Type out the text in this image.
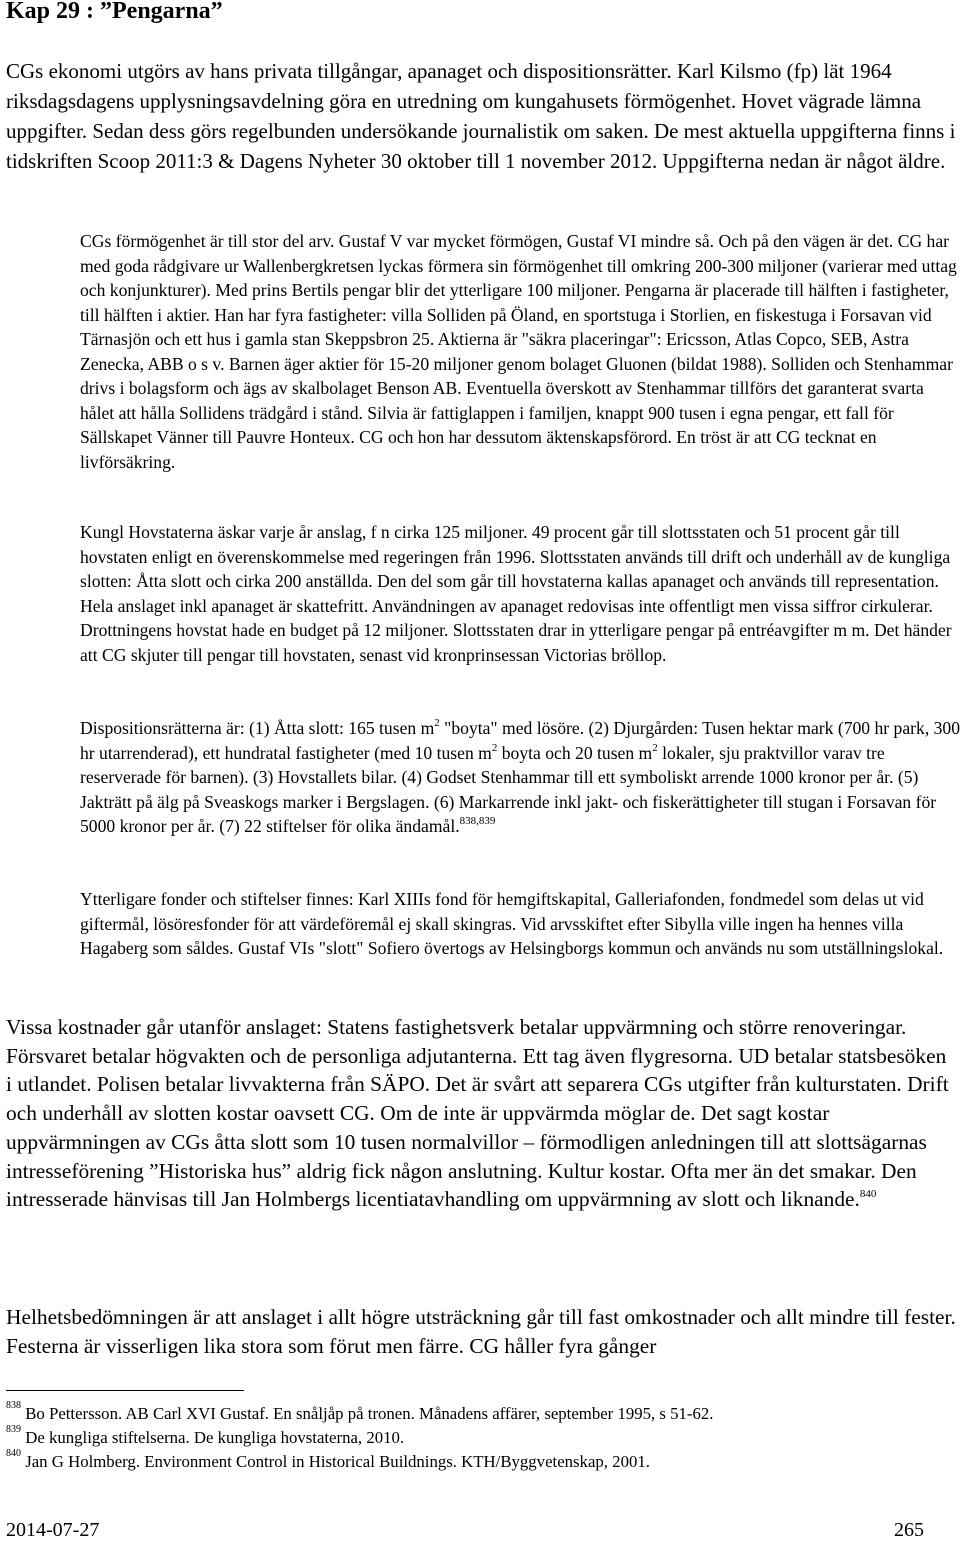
Kap 29 : ”Pengarna”

CGs ekonomi utgörs av hans privata tillgångar, apanaget och dispositionsrätter. Karl Kilsmo (fp) lät 1964 riksdagsdagens upplysningsavdelning göra en utredning om kungahusets förmögenhet. Hovet vägrade lämna uppgifter. Sedan dess görs regelbunden undersökande journalistik om saken. De mest aktuella uppgifterna finns i tidskriften Scoop 2011:3 & Dagens Nyheter 30 oktober till 1 november 2012. Uppgifterna nedan är något äldre.

CGs förmögenhet är till stor del arv. Gustaf V var mycket förmögen, Gustaf VI mindre så. Och på den vägen är det. CG har med goda rådgivare ur Wallenbergkretsen lyckas förmera sin förmögenhet till omkring 200-300 miljoner (varierar med uttag och konjunkturer). Med prins Bertils pengar blir det ytterligare 100 miljoner. Pengarna är placerade till hälften i fastigheter, till hälften i aktier. Han har fyra fastigheter: villa Solliden på Öland, en sportstuga i Storlien, en fiskestuga i Forsavan vid Tärnasjön och ett hus i gamla stan Skeppsbron 25. Aktierna är "säkra placeringar": Ericsson, Atlas Copco, SEB, Astra Zenecka, ABB o s v. Barnen äger aktier för 15-20 miljoner genom bolaget Gluonen (bildat 1988). Solliden och Stenhammar drivs i bolagsform och ägs av skalbolaget Benson AB. Eventuella överskott av Stenhammar tillförs det garanterat svarta hålet att hålla Sollidens trädgård i stånd. Silvia är fattiglappen i familjen, knappt 900 tusen i egna pengar, ett fall för Sällskapet Vänner till Pauvre Honteux. CG och hon har dessutom äktenskapsförord. En tröst är att CG tecknat en livförsäkring.

Kungl Hovstaterna äskar varje år anslag, f n cirka 125 miljoner. 49 procent går till slottsstaten och 51 procent går till hovstaten enligt en överenskommelse med regeringen från 1996. Slottsstaten används till drift och underhåll av de kungliga slotten: Åtta slott och cirka 200 anställda. Den del som går till hovstaterna kallas apanaget och används till representation. Hela anslaget inkl apanaget är skattefritt. Användningen av apanaget redovisas inte offentligt men vissa siffror cirkulerar. Drottningens hovstat hade en budget på 12 miljoner. Slottsstaten drar in ytterligare pengar på entréavgifter m m. Det händer att CG skjuter till pengar till hovstaten, senast vid kronprinsessan Victorias bröllop.

Dispositionsrätterna är: (1) Åtta slott: 165 tusen $m^2$ "boyta" med lösöre. (2) Djurgården: Tusen hektar mark (700 hr park, 300 hr utarrenderad), ett hundratal fastigheter (med 10 tusen $m^2$ boyta och 20 tusen $m^2$ lokaler, sju praktvillor varav tre reserverade för barnen). (3) Hovstallets bilar. (4) Godset Stenhammar till ett symboliskt arrende 1000 kronor per år. (5) Jakträtt på älg på Sveaskogs marker i Bergslagen. (6) Markarrende inkl jakt- och fiskerättigheter till stugan i Forsavan för 5000 kronor per år. (7) 22 stiftelser för olika ändamål.$^{838,839}$

Ytterligare fonder och stiftelser finnes: Karl XIIIs fond för hemgiftskapital, Galleriafonden, fondmedel som delas ut vid giftermål, lösöresfonder för att värdeföremål ej skall skingras. Vid arvsskiftet efter Sibylla ville ingen ha hennes villa Hagaberg som såldes. Gustaf VIs "slott" Sofiero övertogs av Helsingborgs kommun och används nu som utställningslokal.

Vissa kostnader går utanför anslaget: Statens fastighetsverk betalar uppvärmning och större renoveringar. Försvaret betalar högvakten och de personliga adjutanterna. Ett tag även flygresorna. UD betalar statsbesöken i utlandet. Polisen betalar livvakterna från SÄPO. Det är svårt att separera CGs utgifter från kulturstaten. Drift och underhåll av slotten kostar oavsett CG. Om de inte är uppvärmda möglar de. Det sagt kostar uppvärmningen av CGs åtta slott som 10 tusen normalvillor – förmodligen anledningen till att slottsägarnas intresseförening ”Historiska hus” aldrig fick någon anslutning. Kultur kostar. Ofta mer än det smakar. Den intresserade hänvisas till Jan Holmbergs licentiatavhandling om uppvärmning av slott och liknande.$^{840}$

Helhetsbedömningen är att anslaget i allt högre utsträckning går till fast omkostnader och allt mindre till fester. Festerna är visserligen lika stora som förut men färre. CG håller fyra gånger

$^{838}$ Bo Pettersson. AB Carl XVI Gustaf. En snåljåp på tronen. Månadens affärer, september 1995, s 51-62.

$^{839}$ De kungliga stiftelserna. De kungliga hovstaterna, 2010.

$^{840}$ Jan G Holmberg. Environment Control in Historical Buildnings. KTH/Byggvetenskap, 2001.

2014-07-27	265
